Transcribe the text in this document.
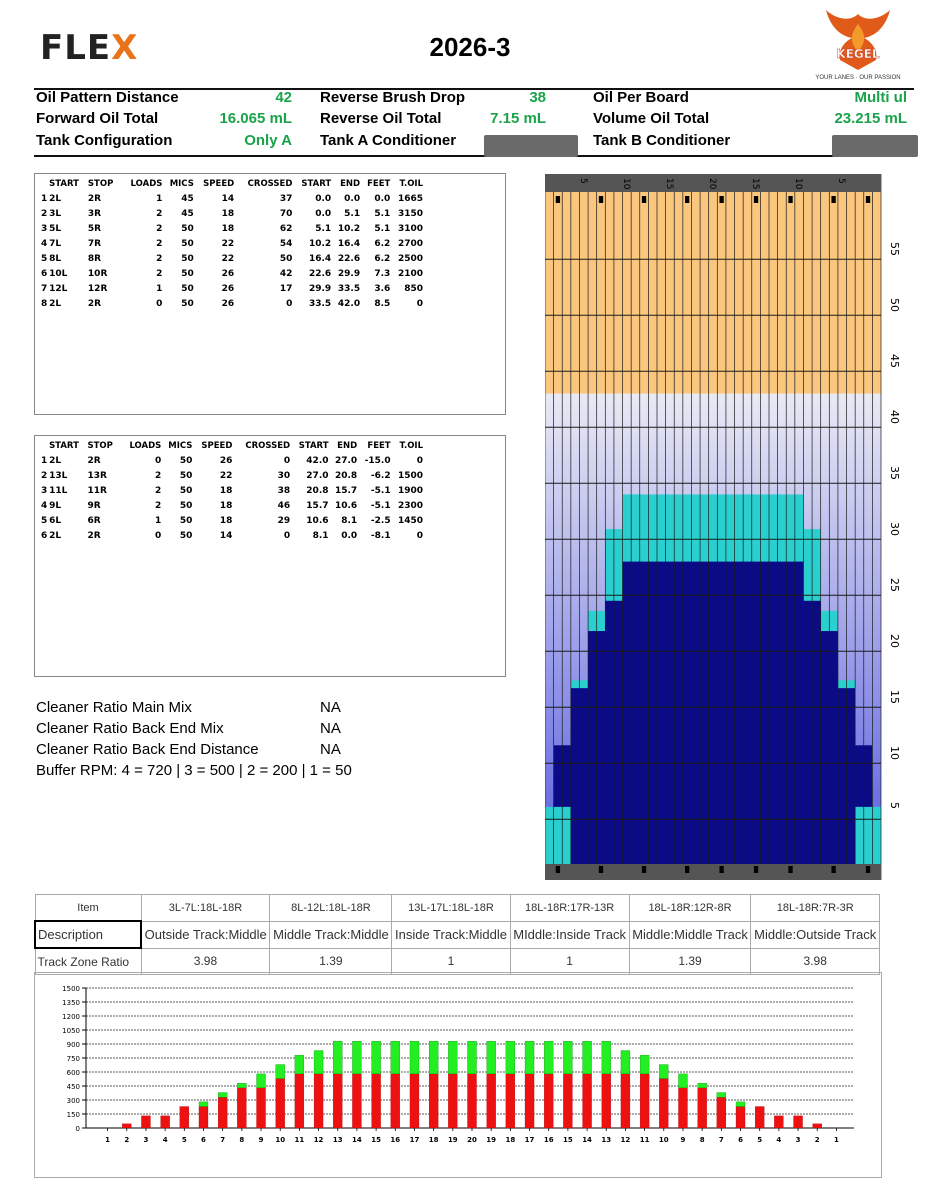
FLEX	2026-3	KEGEL
YOUR LANES · OUR PASSION
Oil Pattern Distance	42 Reverse Brush Drop	38	Oil Per Board	Multi ul
Forward Oil Total	16.065 mL Reverse Oil Total	7.15 mL	Volume Oil Total	23.215 mL
Tank Configuration	Only A Tank A Conditioner	Tank B Conditioner
	START	STOP	LOADS	MICS	SPEED	CROSSED	START	END	FEET	T.OIL
1	2L	2R	1	45	14	37	0.0	0.0	0.0	1665
2	3L	3R	2	45	18	70	0.0	5.1	5.1	3150
3	5L	5R	2	50	18	62	5.1	10.2	5.1	3100
4	7L	7R	2	50	22	54	10.2	16.4	6.2	2700
5	8L	8R	2	50	22	50	16.4	22.6	6.2	2500
6	10L	10R	2	50	26	42	22.6	29.9	7.3	2100
7	12L	12R	1	50	26	17	29.9	33.5	3.6	850
8	2L	2R	0	50	26	0	33.5	42.0	8.5	0
	START	STOP	LOADS	MICS	SPEED	CROSSED	START	END	FEET	T.OIL
1	2L	2R	0	50	26	0	42.0	27.0	-15.0	0
2	13L	13R	2	50	22	30	27.0	20.8	-6.2	1500
3	11L	11R	2	50	18	38	20.8	15.7	-5.1	1900
4	9L	9R	2	50	18	46	15.7	10.6	-5.1	2300
5	6L	6R	1	50	18	29	10.6	8.1	-2.5	1450
6	2L	2R	0	50	14	0	8.1	0.0	-8.1	0
Cleaner Ratio Main Mix
Cleaner Ratio Back End Mix
Cleaner Ratio Back End Distance
Buffer RPM: 4 = 720 | 3 = 500 | 2 = 200 | 1 = 50
NA
NA
NA
5	10	15	20	15	10	5
5
10
15
20
25
30
35
40
45
50
55
Item	3L-7L:18L-18R	8L-12L:18L-18R	13L-17L:18L-18R	18L-18R:17R-13R	18L-18R:12R-8R	18L-18R:7R-3R
Description	Outside Track:Middle	Middle Track:Middle	Inside Track:Middle	MIddle:Inside Track	Middle:Middle Track	Middle:Outside Track
Track Zone Ratio	3.98	1.39	1	1	1.39	3.98
0
150
300
450
600
750
900
1050
1200
1350
1500
1 2 3 4 5 6 7 8 9 10 11 12 13 14 15 16 17 18 19 20 19 18 17 16 15 14 13 12 11 10 9 8 7 6 5 4 3 2 1
